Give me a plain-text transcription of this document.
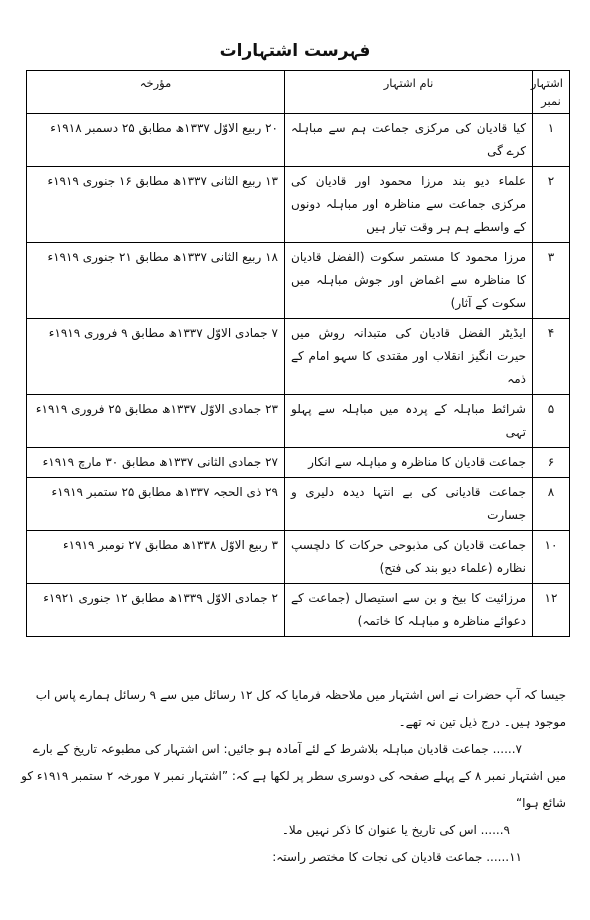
فہرست اشتہارات
اشتہار نمبر	نام اشتہار	مؤرخہ
۱	کیا قادیان کی مرکزی جماعت ہم سے مباہلہ کرے گی	۲۰ ربیع الاوّل ۱۳۳۷ھ مطابق ۲۵ دسمبر ۱۹۱۸ء
۲	علماء دیو بند مرزا محمود اور قادیان کی مرکزی جماعت سے مناظرہ اور مباہلہ دونوں کے واسطے ہم ہر وقت تیار ہیں	۱۳ ربیع الثانی ۱۳۳۷ھ مطابق ۱۶ جنوری ۱۹۱۹ء
۳	مرزا محمود کا مستمر سکوت (الفضل قادیان کا مناظرہ سے اغماض اور جوش مباہلہ میں سکوت کے آثار)	۱۸ ربیع الثانی ۱۳۳۷ھ مطابق ۲۱ جنوری ۱۹۱۹ء
۴	ایڈیٹر الفضل قادیان کی متبدانہ روش میں حیرت انگیز انقلاب اور مقتدی کا سہو امام کے ذمہ	۷ جمادی الاوّل ۱۳۳۷ھ مطابق ۹ فروری ۱۹۱۹ء
۵	شرائط مباہلہ کے پردہ میں مباہلہ سے پہلو تہی	۲۳ جمادی الاوّل ۱۳۳۷ھ مطابق ۲۵ فروری ۱۹۱۹ء
۶	جماعت قادیان کا مناظرہ و مباہلہ سے انکار	۲۷ جمادی الثانی ۱۳۳۷ھ مطابق ۳۰ مارچ ۱۹۱۹ء
۸	جماعت قادیانی کی بے انتہا دیدہ دلیری و جسارت	۲۹ ذی الحجہ ۱۳۳۷ھ مطابق ۲۵ ستمبر ۱۹۱۹ء
۱۰	جماعت قادیان کی مذبوحی حرکات کا دلچسپ نظارہ (علماء دیو بند کی فتح)	۳ ربیع الاوّل ۱۳۳۸ھ مطابق ۲۷ نومبر ۱۹۱۹ء
۱۲	مرزائیت کا بیخ و بن سے استیصال (جماعت کے دعوائے مناظرہ و مباہلہ کا خاتمہ)	۲ جمادی الاوّل ۱۳۳۹ھ مطابق ۱۲ جنوری ۱۹۲۱ء

جیسا کہ آپ حضرات نے اس اشتہار میں ملاحظہ فرمایا کہ کل ۱۲ رسائل میں سے ۹ رسائل ہمارے پاس اب موجود ہیں۔ درج ذیل تین نہ تھے۔

۷...... جماعت قادیان مباہلہ بلاشرط کے لئے آمادہ ہو جائیں: اس اشتہار کی مطبوعہ تاریخ کے بارے

میں اشتہار نمبر ۸ کے پہلے صفحہ کی دوسری سطر پر لکھا ہے کہ: ”اشتہار نمبر ۷ مورخہ ۲ ستمبر ۱۹۱۹ء کو شائع ہوا“

۹...... اس کی تاریخ یا عنوان کا ذکر نہیں ملا۔

۱۱...... جماعت قادیان کی نجات کا مختصر راستہ:
